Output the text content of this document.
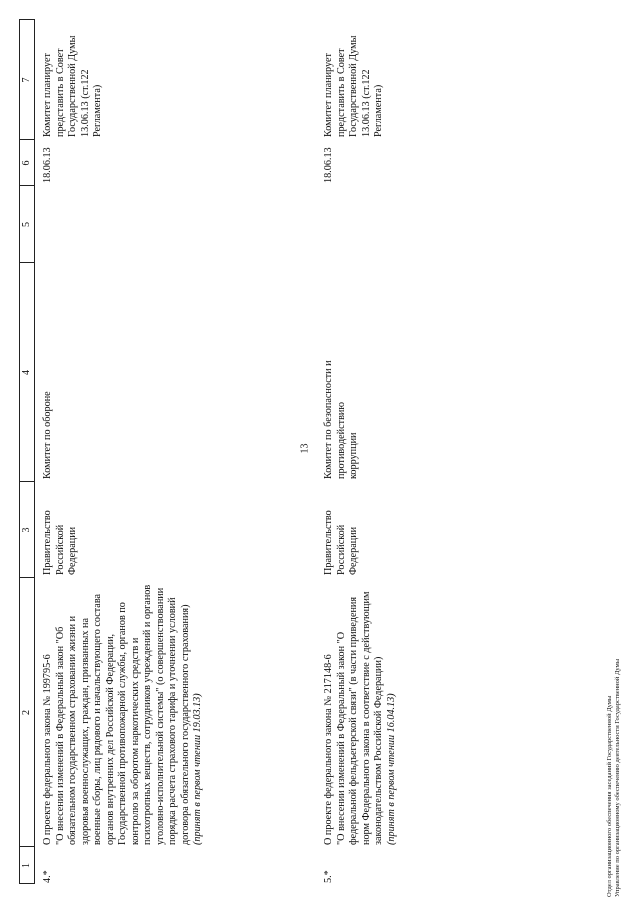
13
1
2
3
4
5
6
7
4.*
О проекте федерального закона № 199795-6 "О внесении изменений в Федеральный закон "Об обязательном государственном страховании жизни и здоровья военнослужащих, граждан, призванных на военные сборы, лиц рядового и начальствующего состава органов внутренних дел Российской Федерации, Государственной противопожарной службы, органов по контролю за оборотом наркотических средств и психотропных веществ, сотрудников учреждений и органов уголовно-исполнительной системы" (о совершенствовании порядка расчета страхового тарифа и уточнении условий договора обязательного государственного страхования) (принят в первом чтении 19.03.13)
Правительство Российской Федерации
Комитет по обороне
18.06.13
Комитет планирует представить в Совет Государственной Думы 13.06.13 (ст.122 Регламента)
5.*
О проекте федерального закона № 217148-6 "О внесении изменений в Федеральный закон "О федеральной фельдъегерской связи" (в части приведения норм Федерального закона в соответствие с действующим законодательством Российской Федерации) (принят в первом чтении 16.04.13)
Правительство Российской Федерации
Комитет по безопасности и противодействию коррупции
18.06.13
Комитет планирует представить в Совет Государственной Думы 13.06.13 (ст.122 Регламента)
Отдел организационного обеспечения заседаний Государственной Думы Управление по организационному обеспечению деятельности Государственной Думы
